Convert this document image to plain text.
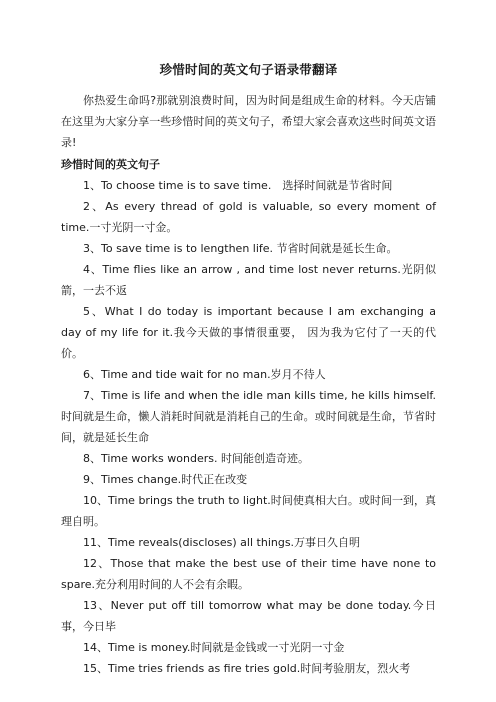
珍惜时间的英文句子语录带翻译

你热爱生命吗?那就别浪费时间，因为时间是组成生命的材料。今天店铺在这里为大家分享一些珍惜时间的英文句子，希望大家会喜欢这些时间英文语录!

珍惜时间的英文句子

1、To choose time is to save time.　选择时间就是节省时间

2、As every thread of gold is valuable, so every moment of time.一寸光阴一寸金。

3、To save time is to lengthen life. 节省时间就是延长生命。

4、Time flies like an arrow , and time lost never returns.光阴似箭，一去不返

5、What I do today is important because I am exchanging a day of my life for it.我今天做的事情很重要， 因为我为它付了一天的代价。

6、Time and tide wait for no man.岁月不待人

7、Time is life and when the idle man kills time, he kills himself.时间就是生命，懒人消耗时间就是消耗自己的生命。或时间就是生命，节省时间，就是延长生命

8、Time works wonders. 时间能创造奇迹。

9、Times change.时代正在改变

10、Time brings the truth to light.时间使真相大白。或时间一到，真理自明。

11、Time reveals(discloses) all things.万事日久自明

12、Those that make the best use of their time have none to spare.充分利用时间的人不会有余暇。

13、Never put off till tomorrow what may be done today.今日事，今日毕

14、Time is money.时间就是金钱或一寸光阴一寸金

15、Time tries friends as fire tries gold.时间考验朋友，烈火考
